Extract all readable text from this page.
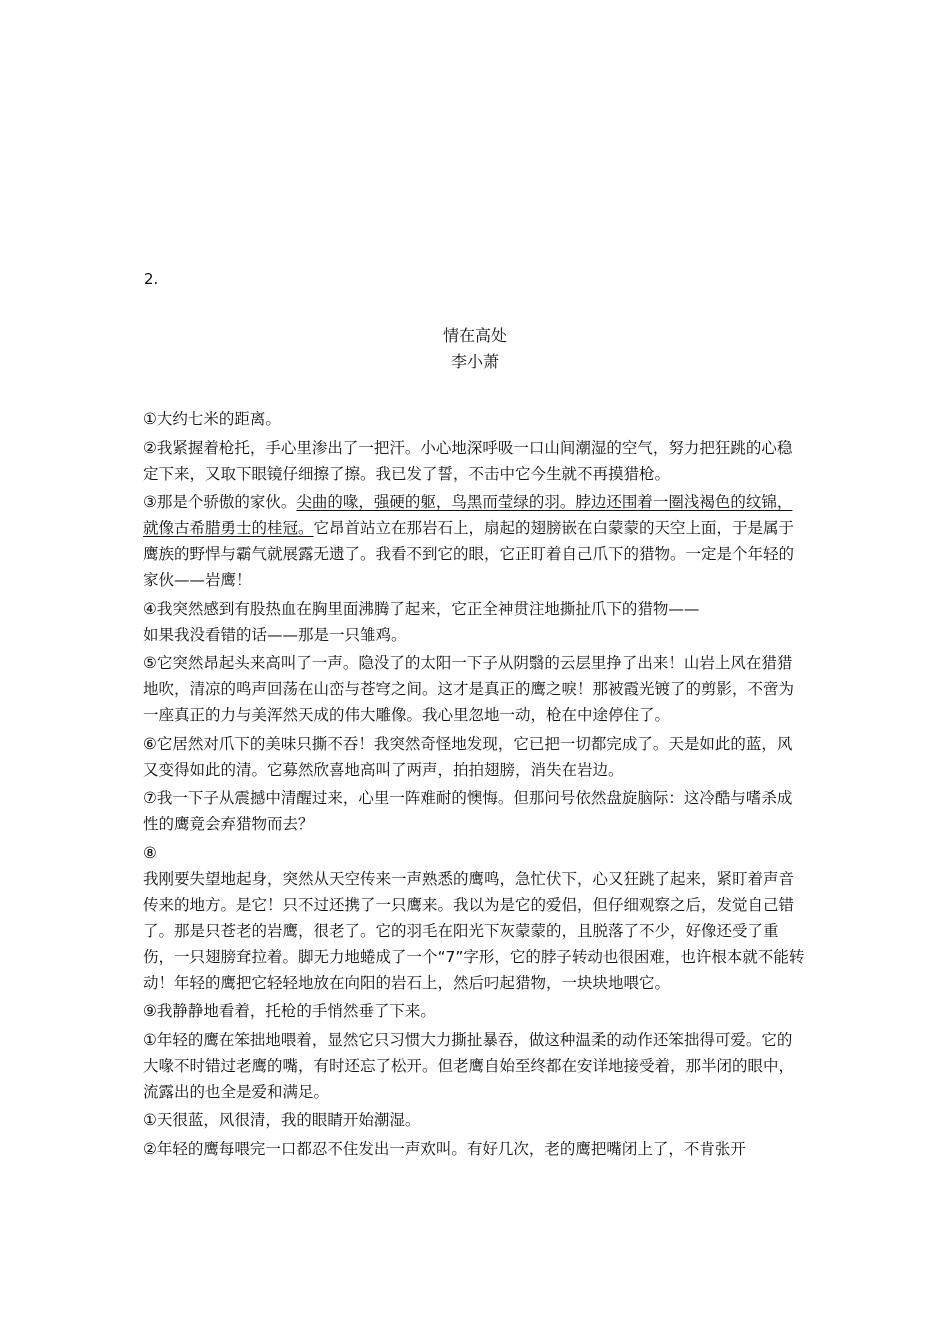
2.
情在高处
李小萧

①大约七米的距离。

②我紧握着枪托，手心里渗出了一把汗。小心地深呼吸一口山间潮湿的空气，努力把狂跳的心稳定下来，又取下眼镜仔细擦了擦。我已发了誓，不击中它今生就不再摸猎枪。

③那是个骄傲的家伙。尖曲的喙，强硬的躯，鸟黑而莹绿的羽。脖边还围着一圈浅褐色的纹锦，就像古希腊勇士的桂冠。它昂首站立在那岩石上，扇起的翅膀嵌在白蒙蒙的天空上面，于是属于鹰族的野悍与霸气就展露无遗了。我看不到它的眼，它正盯着自己爪下的猎物。一定是个年轻的家伙——岩鹰！

④我突然感到有股热血在胸里面沸腾了起来，它正全神贯注地撕扯爪下的猎物——
如果我没看错的话——那是一只雏鸡。

⑤它突然昂起头来高叫了一声。隐没了的太阳一下子从阴翳的云层里挣了出来！山岩上风在猎猎地吹，清凉的鸣声回荡在山峦与苍穹之间。这才是真正的鹰之唳！那被霞光镀了的剪影，不啻为一座真正的力与美浑然天成的伟大雕像。我心里忽地一动，枪在中途停住了。

⑥它居然对爪下的美味只撕不吞！我突然奇怪地发现，它已把一切都完成了。天是如此的蓝，风又变得如此的清。它募然欣喜地高叫了两声，拍拍翅膀，消失在岩边。

⑦我一下子从震撼中清醒过来，心里一阵难耐的懊悔。但那问号依然盘旋脑际：这冷酷与嗜杀成性的鹰竟会弃猎物而去？

⑧
我刚要失望地起身，突然从天空传来一声熟悉的鹰鸣，急忙伏下，心又狂跳了起来，紧盯着声音传来的地方。是它！只不过还携了一只鹰来。我以为是它的爱侣，但仔细观察之后，发觉自己错了。那是只苍老的岩鹰，很老了。它的羽毛在阳光下灰蒙蒙的，且脱落了不少，好像还受了重伤，一只翅膀耷拉着。脚无力地蜷成了一个“7”字形，它的脖子转动也很困难，也许根本就不能转动！年轻的鹰把它轻轻地放在向阳的岩石上，然后叼起猎物，一块块地喂它。

⑨我静静地看着，托枪的手悄然垂了下来。

①年轻的鹰在笨拙地喂着，显然它只习惯大力撕扯暴吞，做这种温柔的动作还笨拙得可爱。它的大喙不时错过老鹰的嘴，有时还忘了松开。但老鹰自始至终都在安详地接受着，那半闭的眼中，流露出的也全是爱和满足。

①天很蓝，风很清，我的眼睛开始潮湿。

②年轻的鹰每喂完一口都忍不住发出一声欢叫。有好几次，老的鹰把嘴闭上了，不肯张开
